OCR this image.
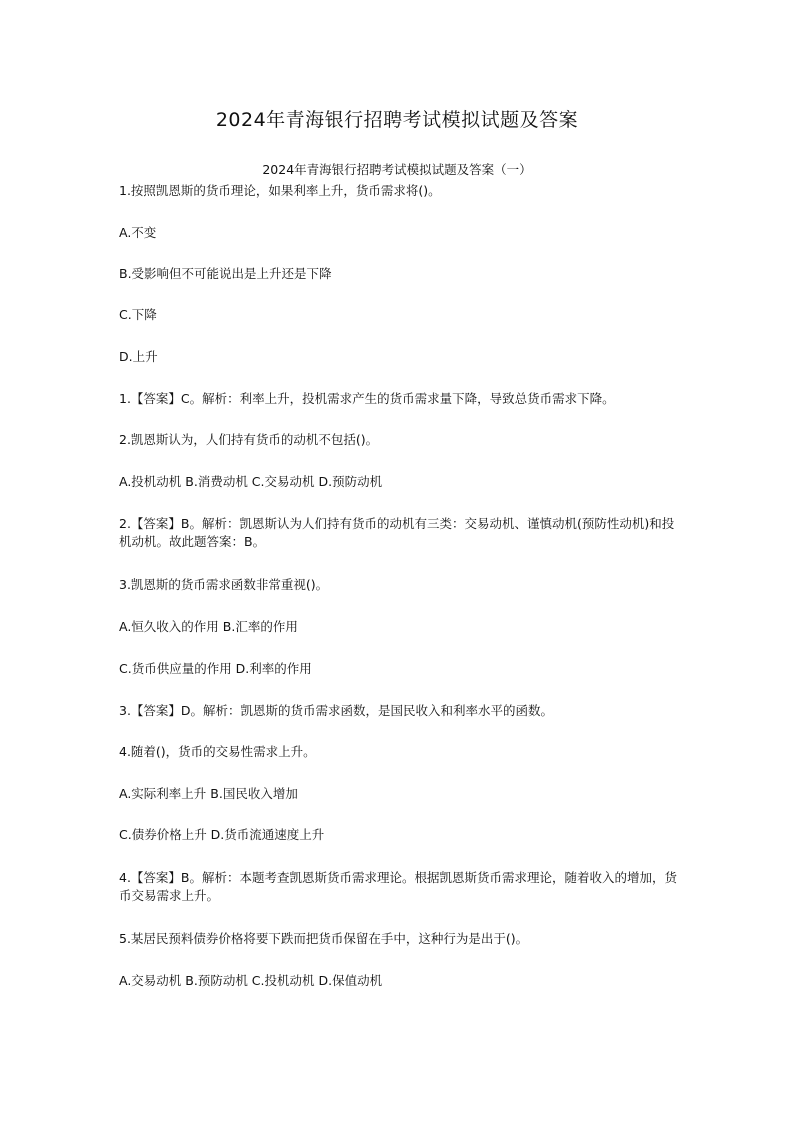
2024年青海银行招聘考试模拟试题及答案
2024年青海银行招聘考试模拟试题及答案（一）
1.按照凯恩斯的货币理论，如果利率上升，货币需求将()。
A.不变
B.受影响但不可能说出是上升还是下降
C.下降
D.上升
1.【答案】C。解析：利率上升，投机需求产生的货币需求量下降，导致总货币需求下降。
2.凯恩斯认为，人们持有货币的动机不包括()。
A.投机动机 B.消费动机 C.交易动机 D.预防动机
2.【答案】B。解析：凯恩斯认为人们持有货币的动机有三类：交易动机、谨慎动机(预防性动机)和投机动机。故此题答案：B。
3.凯恩斯的货币需求函数非常重视()。
A.恒久收入的作用 B.汇率的作用
C.货币供应量的作用 D.利率的作用
3.【答案】D。解析：凯恩斯的货币需求函数，是国民收入和利率水平的函数。
4.随着()，货币的交易性需求上升。
A.实际利率上升 B.国民收入增加
C.债券价格上升 D.货币流通速度上升
4.【答案】B。解析：本题考查凯恩斯货币需求理论。根据凯恩斯货币需求理论，随着收入的增加，货币交易需求上升。
5.某居民预料债券价格将要下跌而把货币保留在手中，这种行为是出于()。
A.交易动机 B.预防动机 C.投机动机 D.保值动机
